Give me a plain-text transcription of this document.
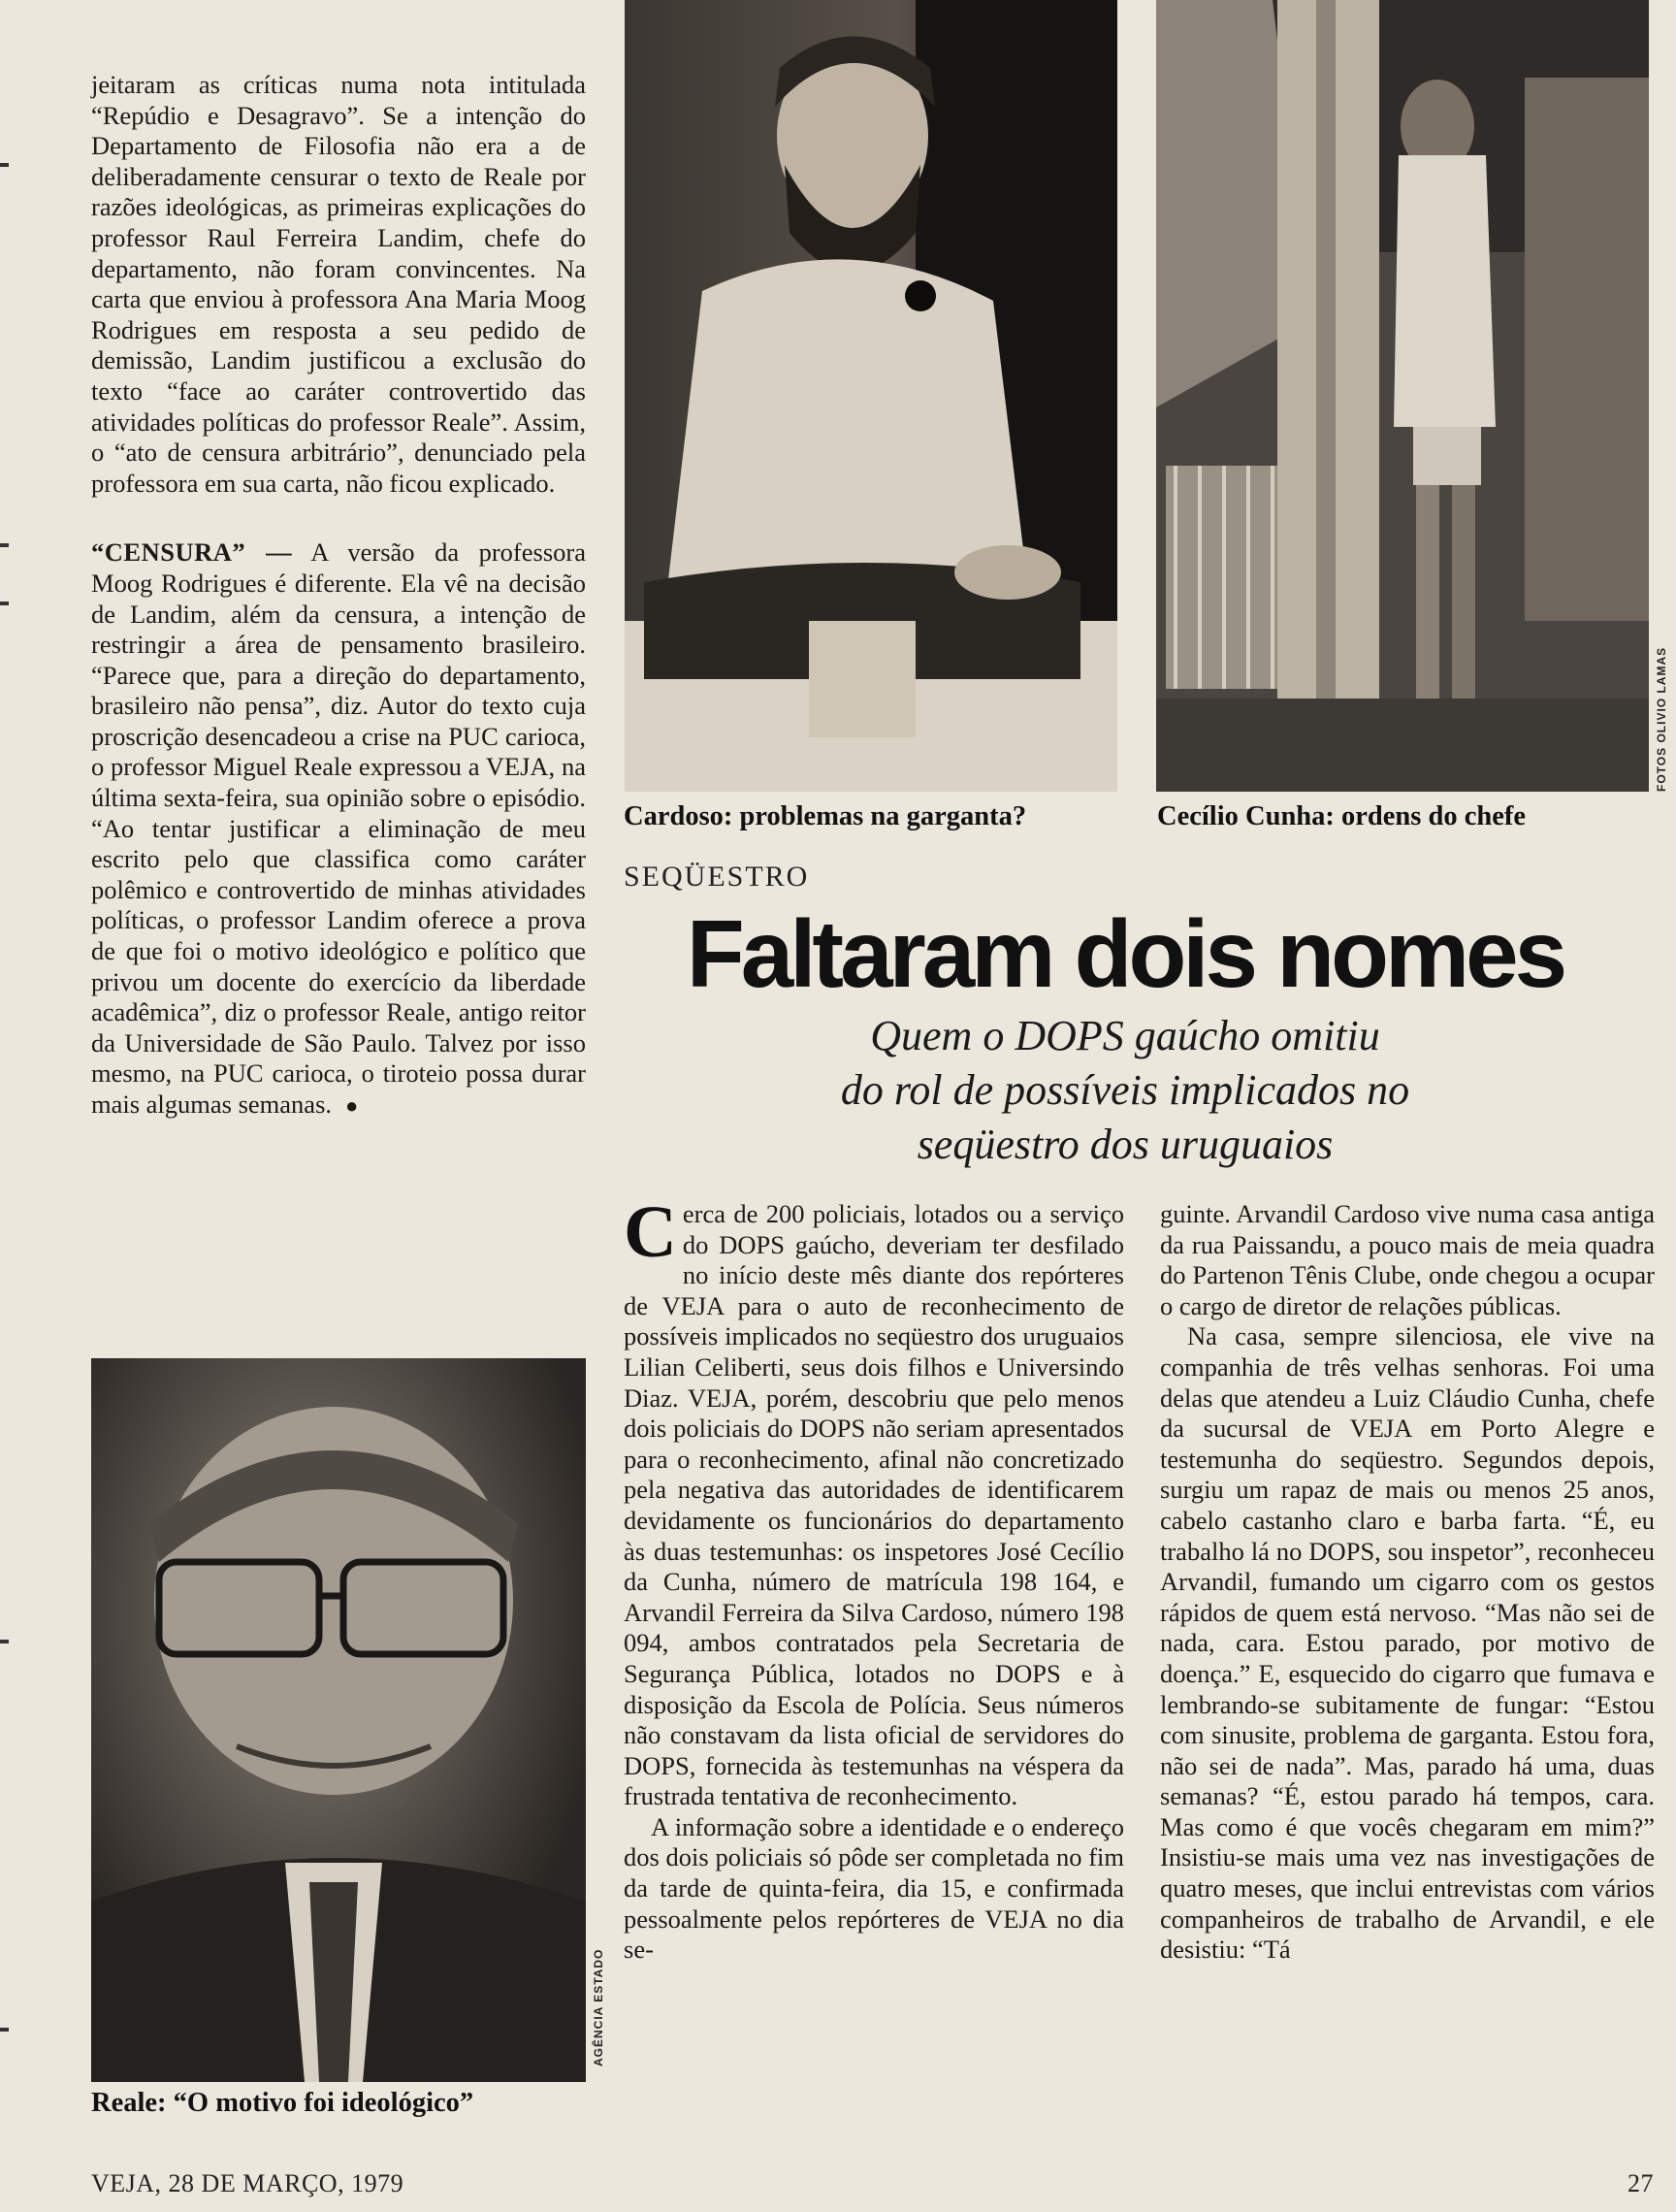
jeitaram as críticas numa nota intitulada “Repúdio e Desagravo”. Se a intenção do Departamento de Filosofia não era a de deliberadamente censurar o texto de Reale por razões ideológicas, as primeiras explicações do professor Raul Ferreira Landim, chefe do departamento, não foram convincentes. Na carta que enviou à professora Ana Maria Moog Rodrigues em resposta a seu pedido de demissão, Landim justificou a exclusão do texto “face ao caráter controvertido das atividades políticas do professor Reale”. Assim, o “ato de censura arbitrário”, denunciado pela professora em sua carta, não ficou explicado.

“CENSURA” — A versão da professora Moog Rodrigues é diferente. Ela vê na decisão de Landim, além da censura, a intenção de restringir a área de pensamento brasileiro. “Parece que, para a direção do departamento, brasileiro não pensa”, diz. Autor do texto cuja proscrição desencadeou a crise na PUC carioca, o professor Miguel Reale expressou a VEJA, na última sexta-feira, sua opinião sobre o episódio. “Ao tentar justificar a eliminação de meu escrito pelo que classifica como caráter polêmico e controvertido de minhas atividades políticas, o professor Landim oferece a prova de que foi o motivo ideológico e político que privou um docente do exercício da liberdade acadêmica”, diz o professor Reale, antigo reitor da Universidade de São Paulo. Talvez por isso mesmo, na PUC carioca, o tiroteio possa durar mais algumas semanas. ●

FOTOS OLIVIO LAMAS
Cardoso: problemas na garganta?	Cecílio Cunha: ordens do chefe
SEQÜESTRO
Faltaram dois nomes
Quem o DOPS gaúcho omitiu
do rol de possíveis implicados no
seqüestro dos uruguaios

Cerca de 200 policiais, lotados ou a serviço do DOPS gaúcho, deveriam ter desfilado no início deste mês diante dos repórteres de VEJA para o auto de reconhecimento de possíveis implicados no seqüestro dos uruguaios Lilian Celiberti, seus dois filhos e Universindo Diaz. VEJA, porém, descobriu que pelo menos dois policiais do DOPS não seriam apresentados para o reconhecimento, afinal não concretizado pela negativa das autoridades de identificarem devidamente os funcionários do departamento às duas testemunhas: os inspetores José Cecílio da Cunha, número de matrícula 198 164, e Arvandil Ferreira da Silva Cardoso, número 198 094, ambos contratados pela Secretaria de Segurança Pública, lotados no DOPS e à disposição da Escola de Polícia. Seus números não constavam da lista oficial de servidores do DOPS, fornecida às testemunhas na véspera da frustrada tentativa de reconhecimento.

A informação sobre a identidade e o endereço dos dois policiais só pôde ser completada no fim da tarde de quinta-feira, dia 15, e confirmada pessoalmente pelos repórteres de VEJA no dia se-

guinte. Arvandil Cardoso vive numa casa antiga da rua Paissandu, a pouco mais de meia quadra do Partenon Tênis Clube, onde chegou a ocupar o cargo de diretor de relações públicas.

Na casa, sempre silenciosa, ele vive na companhia de três velhas senhoras. Foi uma delas que atendeu a Luiz Cláudio Cunha, chefe da sucursal de VEJA em Porto Alegre e testemunha do seqüestro. Segundos depois, surgiu um rapaz de mais ou menos 25 anos, cabelo castanho claro e barba farta. “É, eu trabalho lá no DOPS, sou inspetor”, reconheceu Arvandil, fumando um cigarro com os gestos rápidos de quem está nervoso. “Mas não sei de nada, cara. Estou parado, por motivo de doença.” E, esquecido do cigarro que fumava e lembrando-se subitamente de fungar: “Estou com sinusite, problema de garganta. Estou fora, não sei de nada”. Mas, parado há uma, duas semanas? “É, estou parado há tempos, cara. Mas como é que vocês chegaram em mim?” Insistiu-se mais uma vez nas investigações de quatro meses, que inclui entrevistas com vários companheiros de trabalho de Arvandil, e ele desistiu: “Tá

AGÊNCIA ESTADO
Reale: “O motivo foi ideológico”
VEJA, 28 DE MARÇO, 1979	27
